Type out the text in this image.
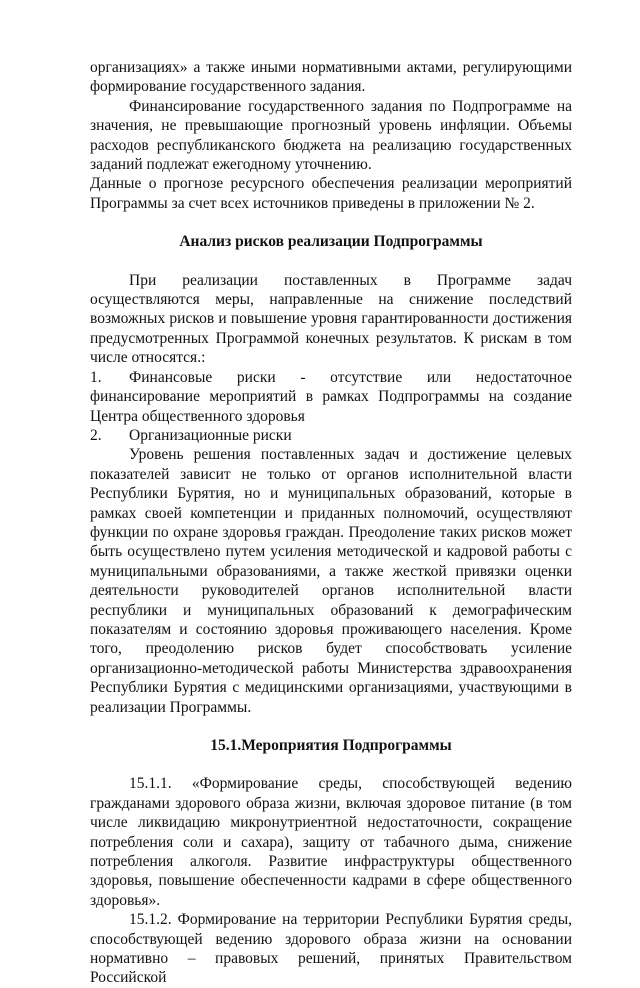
организациях» а также иными нормативными актами, регулирующими формирование государственного задания.

Финансирование государственного задания по Подпрограмме на значения, не превышающие прогнозный уровень инфляции. Объемы расходов республиканского бюджета на реализацию государственных заданий подлежат ежегодному уточнению.

Данные о прогнозе ресурсного обеспечения реализации мероприятий Программы за счет всех источников приведены в приложении № 2.

Анализ рисков реализации Подпрограммы

При реализации поставленных в Программе задач осуществляются меры, направленные на снижение последствий возможных рисков и повышение уровня гарантированности достижения предусмотренных Программой конечных результатов. К рискам в том числе относятся.:

1.	Финансовые риски - отсутствие или недостаточное финансирование мероприятий в рамках Подпрограммы на создание Центра общественного здоровья
2.	Организационные риски

Уровень решения поставленных задач и достижение целевых показателей зависит не только от органов исполнительной власти Республики Бурятия, но и муниципальных образований, которые в рамках своей компетенции и приданных полномочий, осуществляют функции по охране здоровья граждан. Преодоление таких рисков может быть осуществлено путем усиления методической и кадровой работы с муниципальными образованиями, а также жесткой привязки оценки деятельности руководителей органов исполнительной власти республики и муниципальных образований к демографическим показателям и состоянию здоровья проживающего населения. Кроме того, преодолению рисков будет способствовать усиление организационно-методической работы Министерства здравоохранения Республики Бурятия с медицинскими организациями, участвующими в реализации Программы.

15.1.Мероприятия Подпрограммы

15.1.1. «Формирование среды, способствующей ведению гражданами здорового образа жизни, включая здоровое питание (в том числе ликвидацию микронутриентной недостаточности, сокращение потребления соли и сахара), защиту от табачного дыма, снижение потребления алкоголя. Развитие инфраструктуры общественного здоровья, повышение обеспеченности кадрами в сфере общественного здоровья».

15.1.2. Формирование на территории Республики Бурятия среды, способствующей ведению здорового образа жизни на основании нормативно – правовых решений, принятых Правительством Российской
